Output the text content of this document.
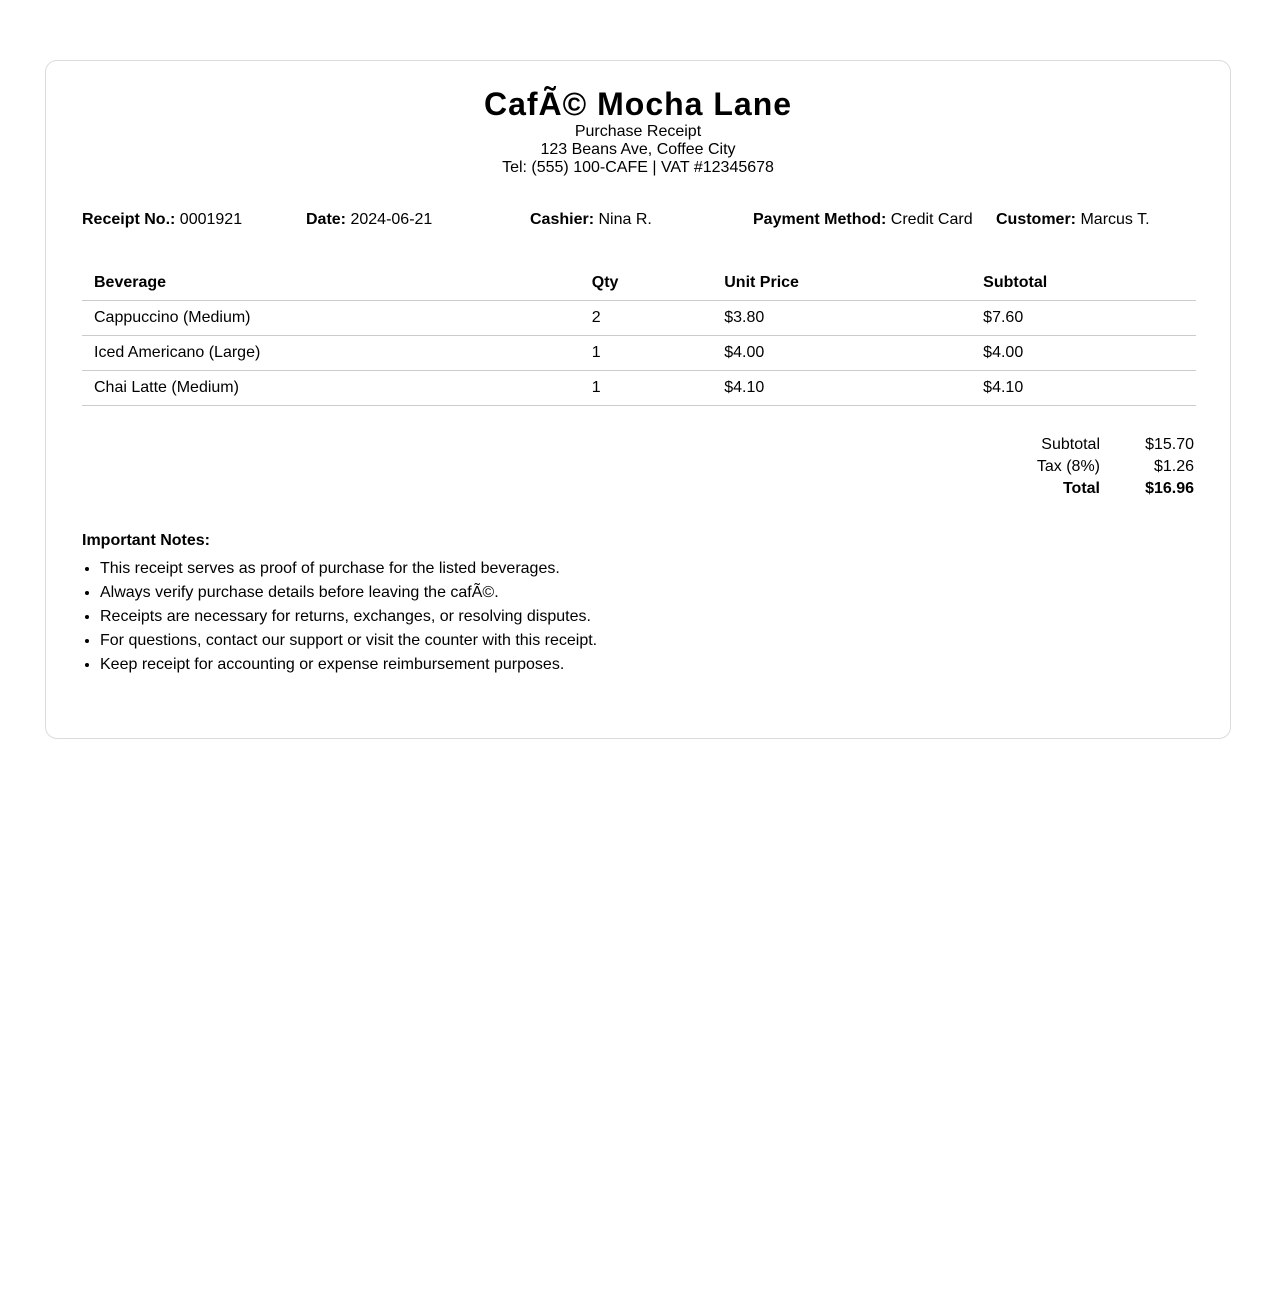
CafÃ© Mocha Lane
Purchase Receipt
123 Beans Ave, Coffee City
Tel: (555) 100-CAFE | VAT #12345678
Receipt No.: 0001921	Date: 2024-06-21	Cashier: Nina R.	Payment Method: Credit Card Customer: Marcus T.
Beverage	Qty	Unit Price	Subtotal
Cappuccino (Medium)	2	$3.80	$7.60
Iced Americano (Large)	1	$4.00	$4.00
Chai Latte (Medium)	1	$4.10	$4.10
Subtotal	$15.70
Tax (8%)	$1.26
Total	$16.96
Important Notes:
• This receipt serves as proof of purchase for the listed beverages.
• Always verify purchase details before leaving the cafÃ©.
• Receipts are necessary for returns, exchanges, or resolving disputes.
• For questions, contact our support or visit the counter with this receipt.
• Keep receipt for accounting or expense reimbursement purposes.
